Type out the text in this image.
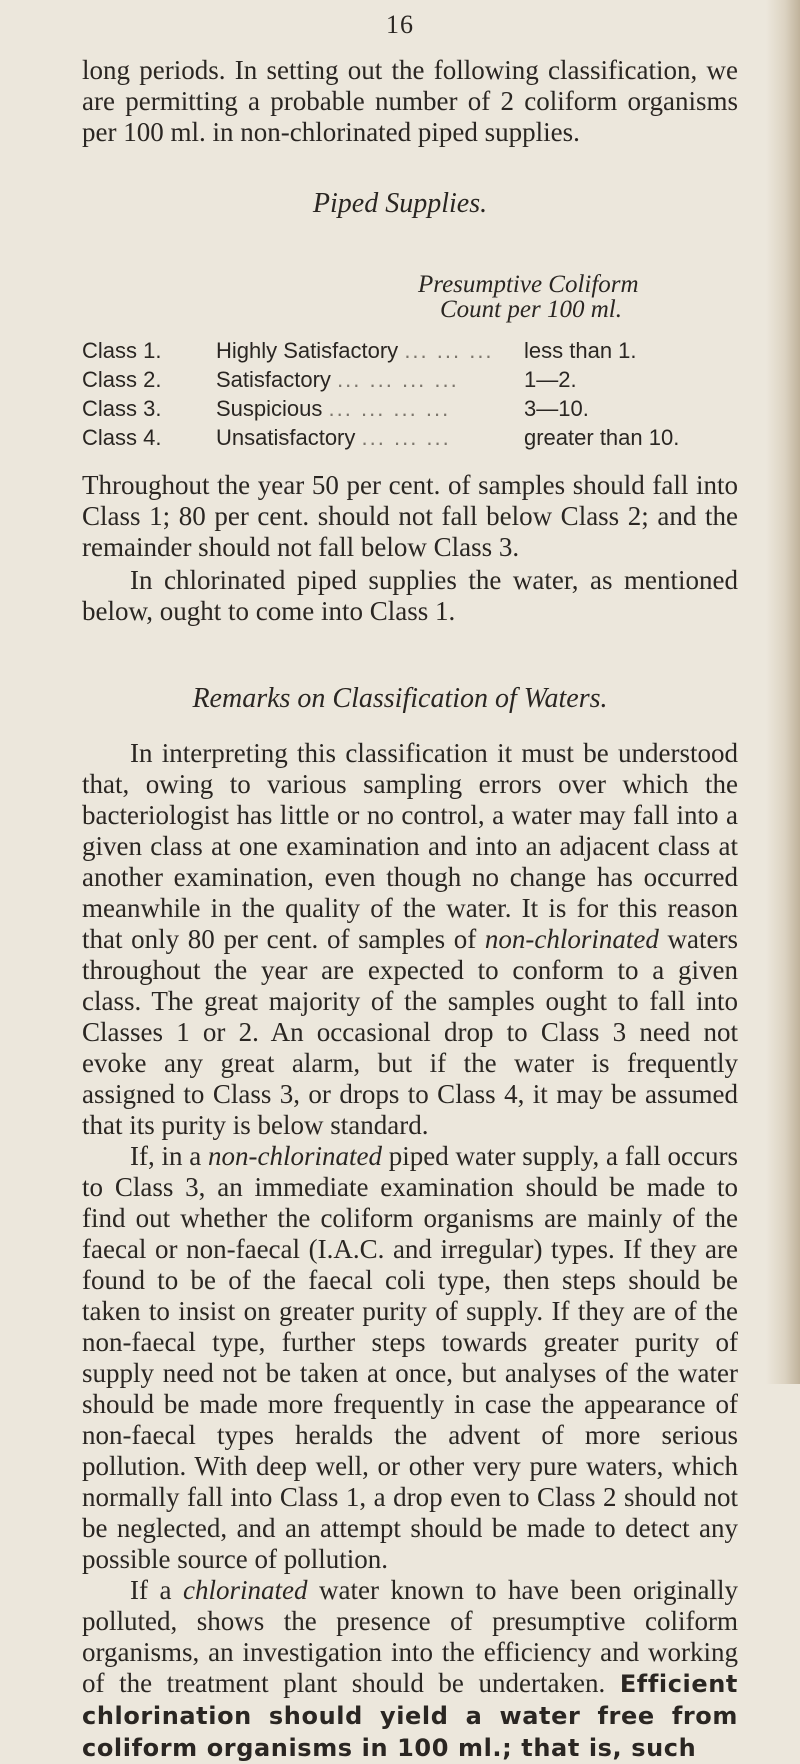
16

long periods. In setting out the following classification, we are permitting a probable number of 2 coliform organisms per 100 ml. in non-chlorinated piped supplies.

Piped Supplies.

Presumptive Coliform
Count per 100 ml.

Class 1. Highly Satisfactory ... ... ... less than 1.
Class 2. Satisfactory ... ... ... ...	1—2.
Class 3. Suspicious ... ... ... ...	3—10.
Class 4. Unsatisfactory ... ... ...	greater than 10.

Throughout the year 50 per cent. of samples should fall into Class 1; 80 per cent. should not fall below Class 2; and the remainder should not fall below Class 3.

In chlorinated piped supplies the water, as mentioned below, ought to come into Class 1.

Remarks on Classification of Waters.

In interpreting this classification it must be understood that, owing to various sampling errors over which the bacteriologist has little or no control, a water may fall into a given class at one examination and into an adjacent class at another examination, even though no change has occurred meanwhile in the quality of the water. It is for this reason that only 80 per cent. of samples of non-chlorinated waters throughout the year are expected to conform to a given class. The great majority of the samples ought to fall into Classes 1 or 2. An occasional drop to Class 3 need not evoke any great alarm, but if the water is frequently assigned to Class 3, or drops to Class 4, it may be assumed that its purity is below standard.

If, in a non-chlorinated piped water supply, a fall occurs to Class 3, an immediate examination should be made to find out whether the coliform organisms are mainly of the faecal or non-faecal (I.A.C. and irregular) types. If they are found to be of the faecal coli type, then steps should be taken to insist on greater purity of supply. If they are of the non-faecal type, further steps towards greater purity of supply need not be taken at once, but analyses of the water should be made more frequently in case the appearance of non-faecal types heralds the advent of more serious pollution. With deep well, or other very pure waters, which normally fall into Class 1, a drop even to Class 2 should not be neglected, and an attempt should be made to detect any possible source of pollution.

If a chlorinated water known to have been originally polluted, shows the presence of presumptive coliform organisms, an investigation into the efficiency and working of the treatment plant should be undertaken. Efficient chlorination should yield a water free from coliform organisms in 100 ml.; that is, such
